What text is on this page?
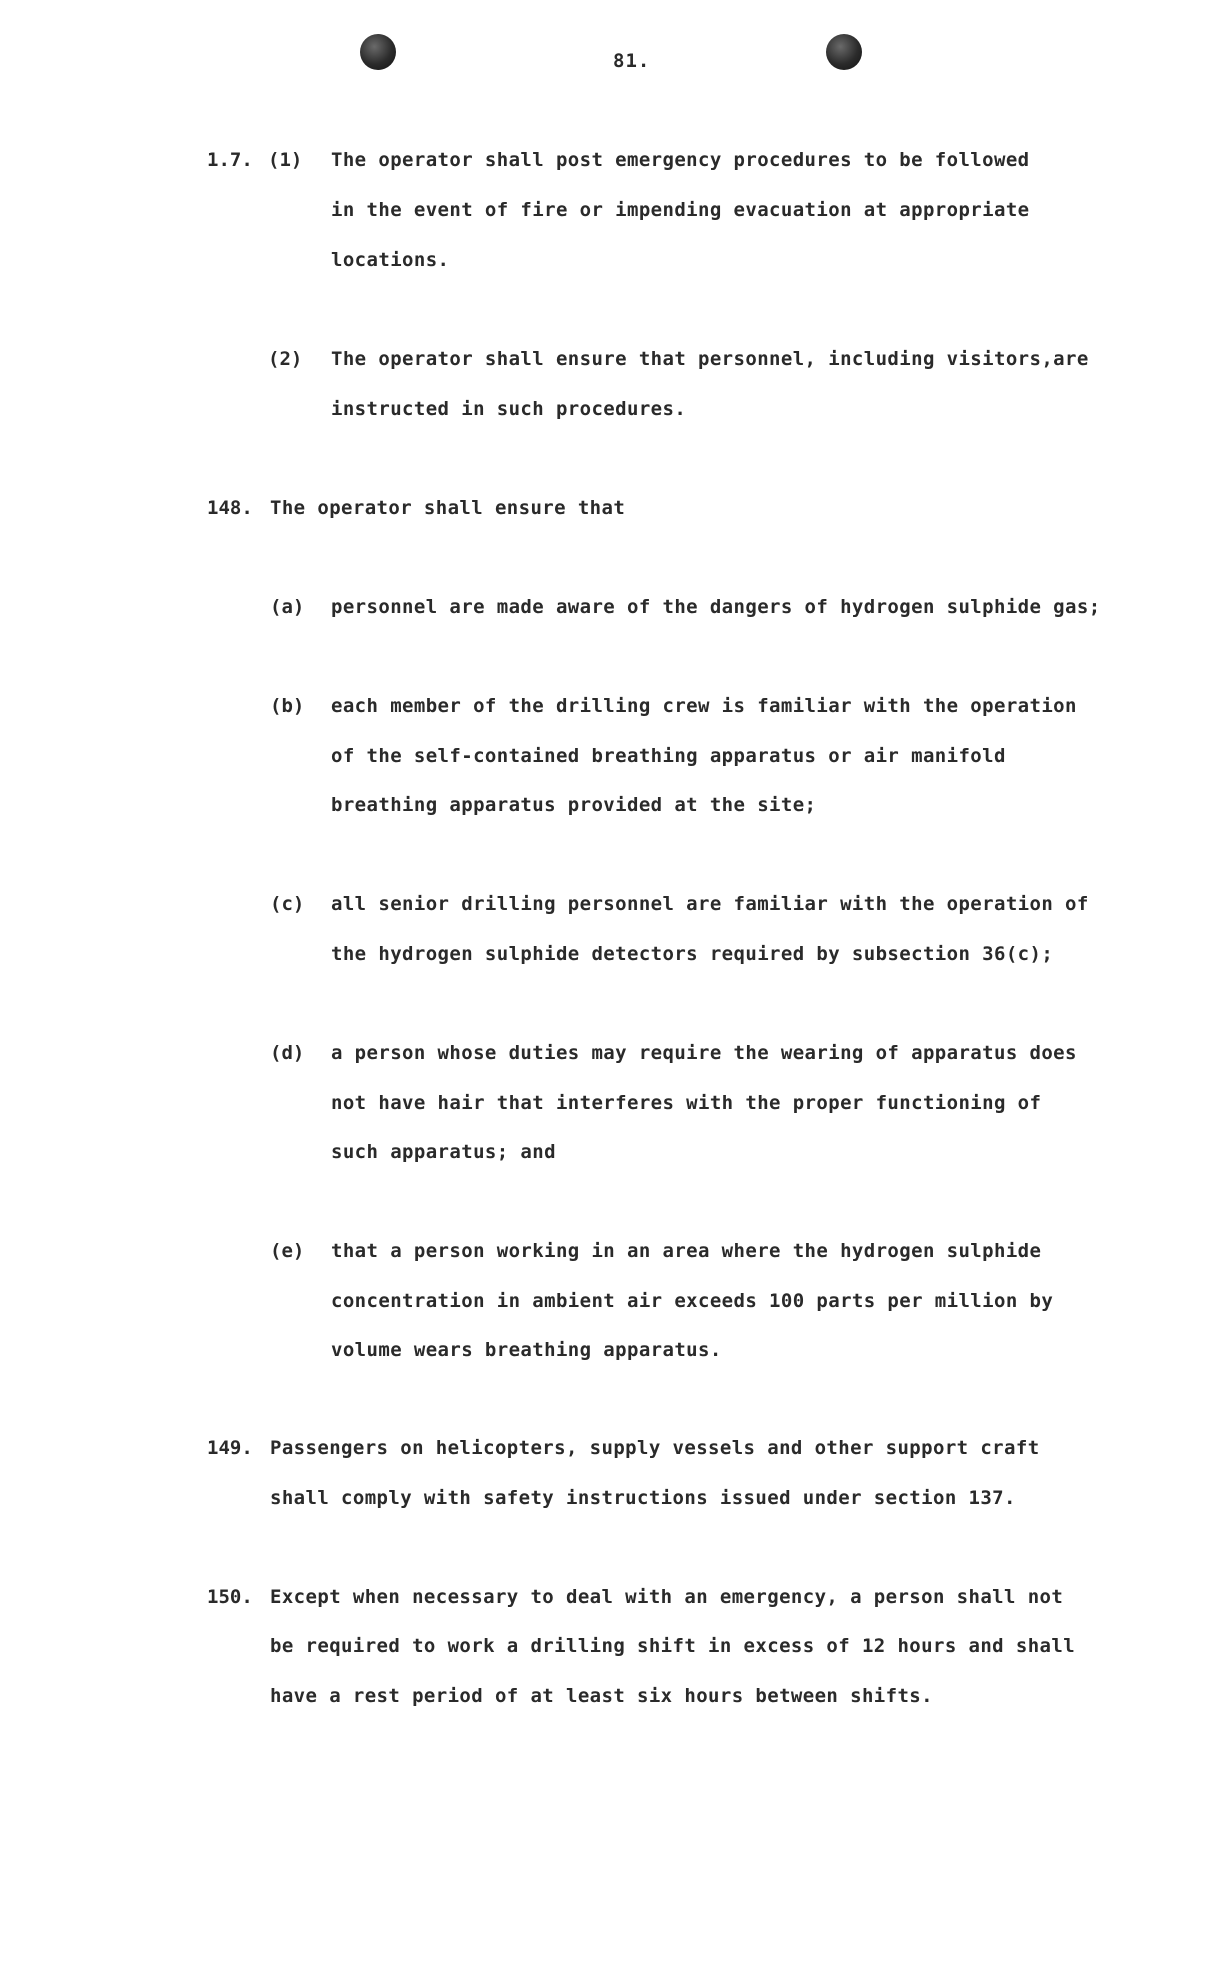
81.
1.7. (1) The operator shall post emergency procedures to be followed
in the event of fire or impending evacuation at appropriate
locations.
(2) The operator shall ensure that personnel, including visitors,are
instructed in such procedures.
148. The operator shall ensure that
(a) personnel are made aware of the dangers of hydrogen sulphide gas;
(b) each member of the drilling crew is familiar with the operation
of the self-contained breathing apparatus or air manifold
breathing apparatus provided at the site;
(c) all senior drilling personnel are familiar with the operation of
the hydrogen sulphide detectors required by subsection 36(c);
(d) a person whose duties may require the wearing of apparatus does
not have hair that interferes with the proper functioning of
such apparatus; and
(e) that a person working in an area where the hydrogen sulphide
concentration in ambient air exceeds 100 parts per million by
volume wears breathing apparatus.
149. Passengers on helicopters, supply vessels and other support craft
shall comply with safety instructions issued under section 137.
150. Except when necessary to deal with an emergency, a person shall not
be required to work a drilling shift in excess of 12 hours and shall
have a rest period of at least six hours between shifts.
